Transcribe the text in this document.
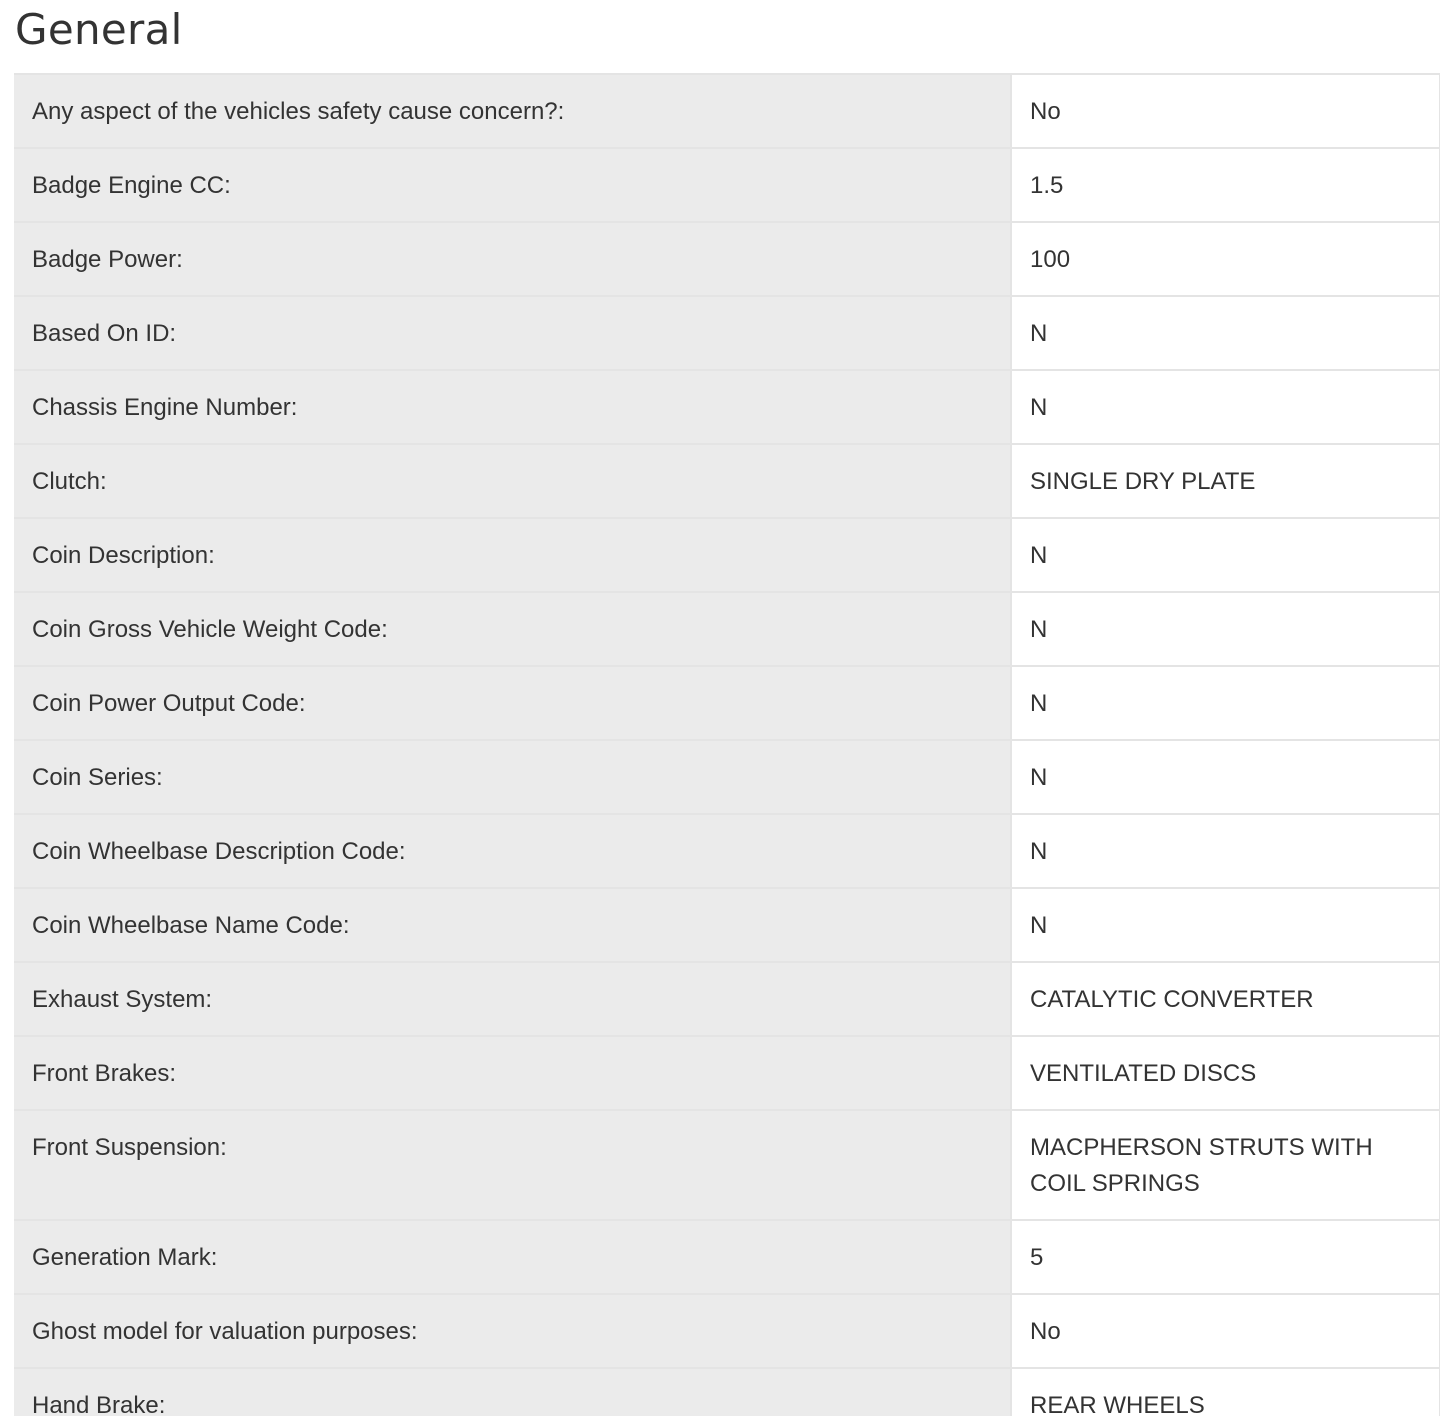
General
Any aspect of the vehicles safety cause concern?:	No
Badge Engine CC:	1.5
Badge Power:	100
Based On ID:	N
Chassis Engine Number:	N
Clutch:	SINGLE DRY PLATE
Coin Description:	N
Coin Gross Vehicle Weight Code:	N
Coin Power Output Code:	N
Coin Series:	N
Coin Wheelbase Description Code:	N
Coin Wheelbase Name Code:	N
Exhaust System:	CATALYTIC CONVERTER
Front Brakes:	VENTILATED DISCS
Front Suspension:	MACPHERSON STRUTS WITH COIL SPRINGS
Generation Mark:	5
Ghost model for valuation purposes:	No
Hand Brake:	REAR WHEELS
